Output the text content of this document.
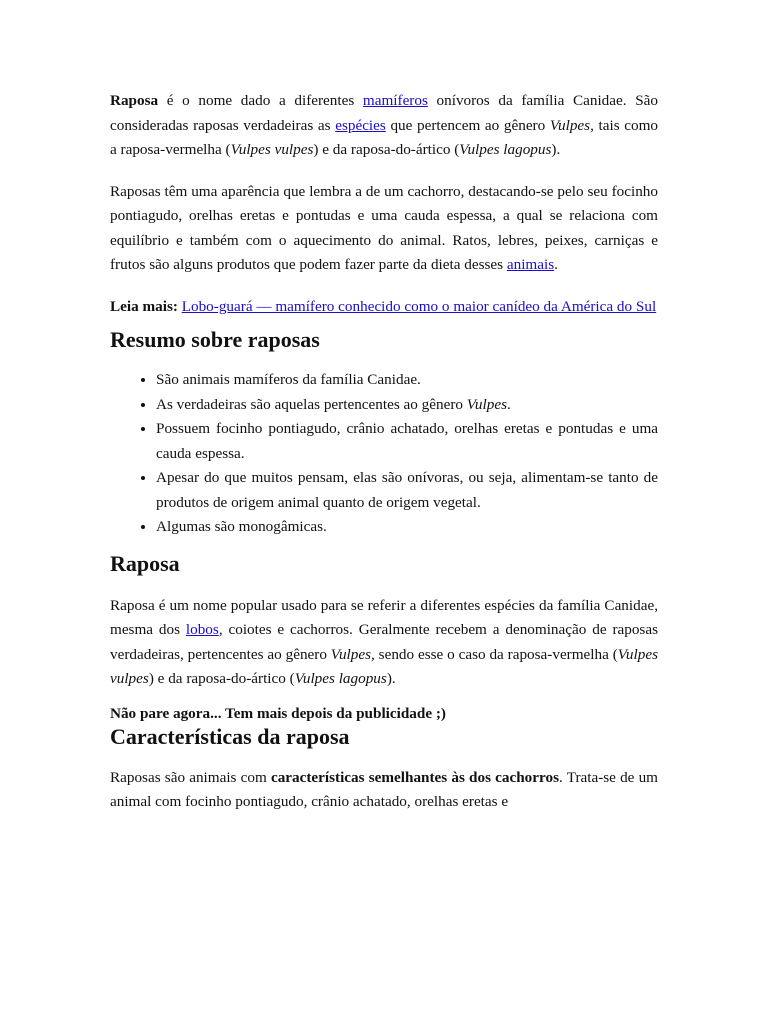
Raposa é o nome dado a diferentes mamíferos onívoros da família Canidae. São consideradas raposas verdadeiras as espécies que pertencem ao gênero Vulpes, tais como a raposa-vermelha (Vulpes vulpes) e da raposa-do-ártico (Vulpes lagopus).

Raposas têm uma aparência que lembra a de um cachorro, destacando-se pelo seu focinho pontiagudo, orelhas eretas e pontudas e uma cauda espessa, a qual se relaciona com equilíbrio e também com o aquecimento do animal. Ratos, lebres, peixes, carniças e frutos são alguns produtos que podem fazer parte da dieta desses animais.

Leia mais: Lobo-guará — mamífero conhecido como o maior canídeo da América do Sul

Resumo sobre raposas
• São animais mamíferos da família Canidae.
• As verdadeiras são aquelas pertencentes ao gênero Vulpes.
• Possuem focinho pontiagudo, crânio achatado, orelhas eretas e pontudas e uma cauda espessa.
• Apesar do que muitos pensam, elas são onívoras, ou seja, alimentam-se tanto de produtos de origem animal quanto de origem vegetal.
• Algumas são monogâmicas.
Raposa

Raposa é um nome popular usado para se referir a diferentes espécies da família Canidae, mesma dos lobos, coiotes e cachorros. Geralmente recebem a denominação de raposas verdadeiras, pertencentes ao gênero Vulpes, sendo esse o caso da raposa-vermelha (Vulpes vulpes) e da raposa-do-ártico (Vulpes lagopus).

Não pare agora... Tem mais depois da publicidade ;)

Características da raposa

Raposas são animais com características semelhantes às dos cachorros. Trata-se de um animal com focinho pontiagudo, crânio achatado, orelhas eretas e
